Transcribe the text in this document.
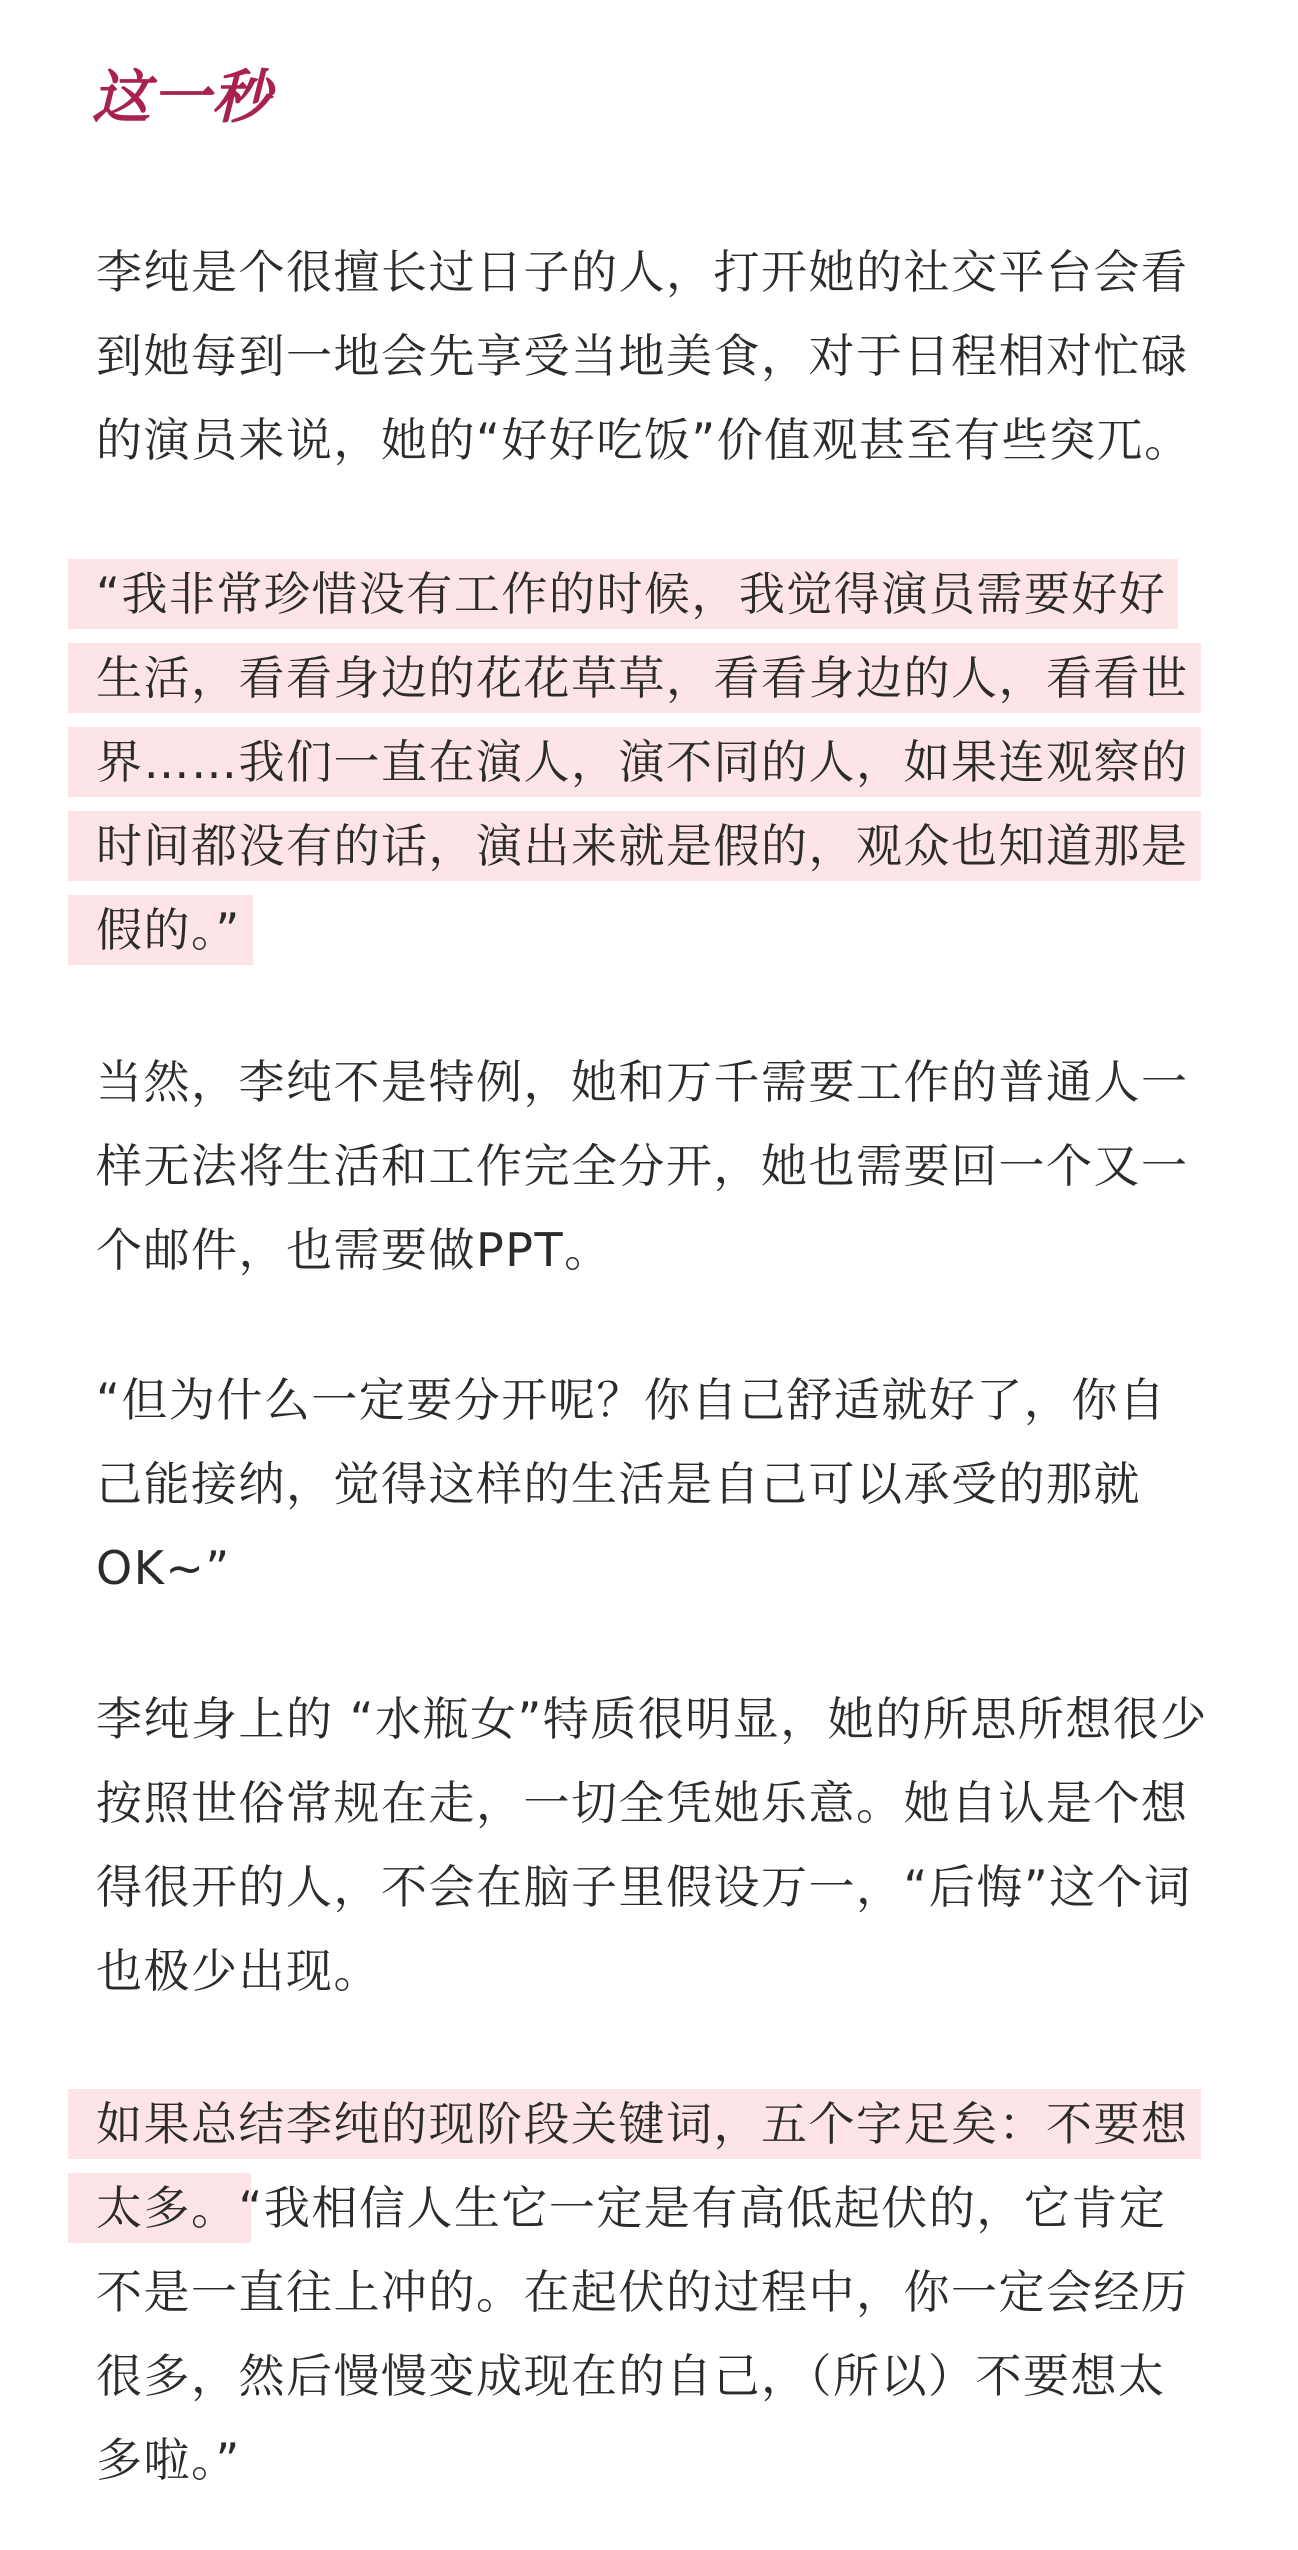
这一秒

李纯是个很擅长过日子的人，打开她的社交平台会看
到她每到一地会先享受当地美食，对于日程相对忙碌
的演员来说，她的“好好吃饭”价值观甚至有些突兀。

“我非常珍惜没有工作的时候，我觉得演员需要好好
生活，看看身边的花花草草，看看身边的人，看看世
界……我们一直在演人，演不同的人，如果连观察的
时间都没有的话，演出来就是假的，观众也知道那是
假的。”

当然，李纯不是特例，她和万千需要工作的普通人一
样无法将生活和工作完全分开，她也需要回一个又一
个邮件，也需要做PPT。

“但为什么一定要分开呢？你自己舒适就好了，你自
己能接纳，觉得这样的生活是自己可以承受的那就
OK~”

李纯身上的 “水瓶女”特质很明显，她的所思所想很少
按照世俗常规在走，一切全凭她乐意。她自认是个想
得很开的人，不会在脑子里假设万一，“后悔”这个词
也极少出现。

如果总结李纯的现阶段关键词，五个字足矣：不要想
太多。“我相信人生它一定是有高低起伏的，它肯定
不是一直往上冲的。在起伏的过程中，你一定会经历
很多，然后慢慢变成现在的自己，（所以）不要想太
多啦。”
